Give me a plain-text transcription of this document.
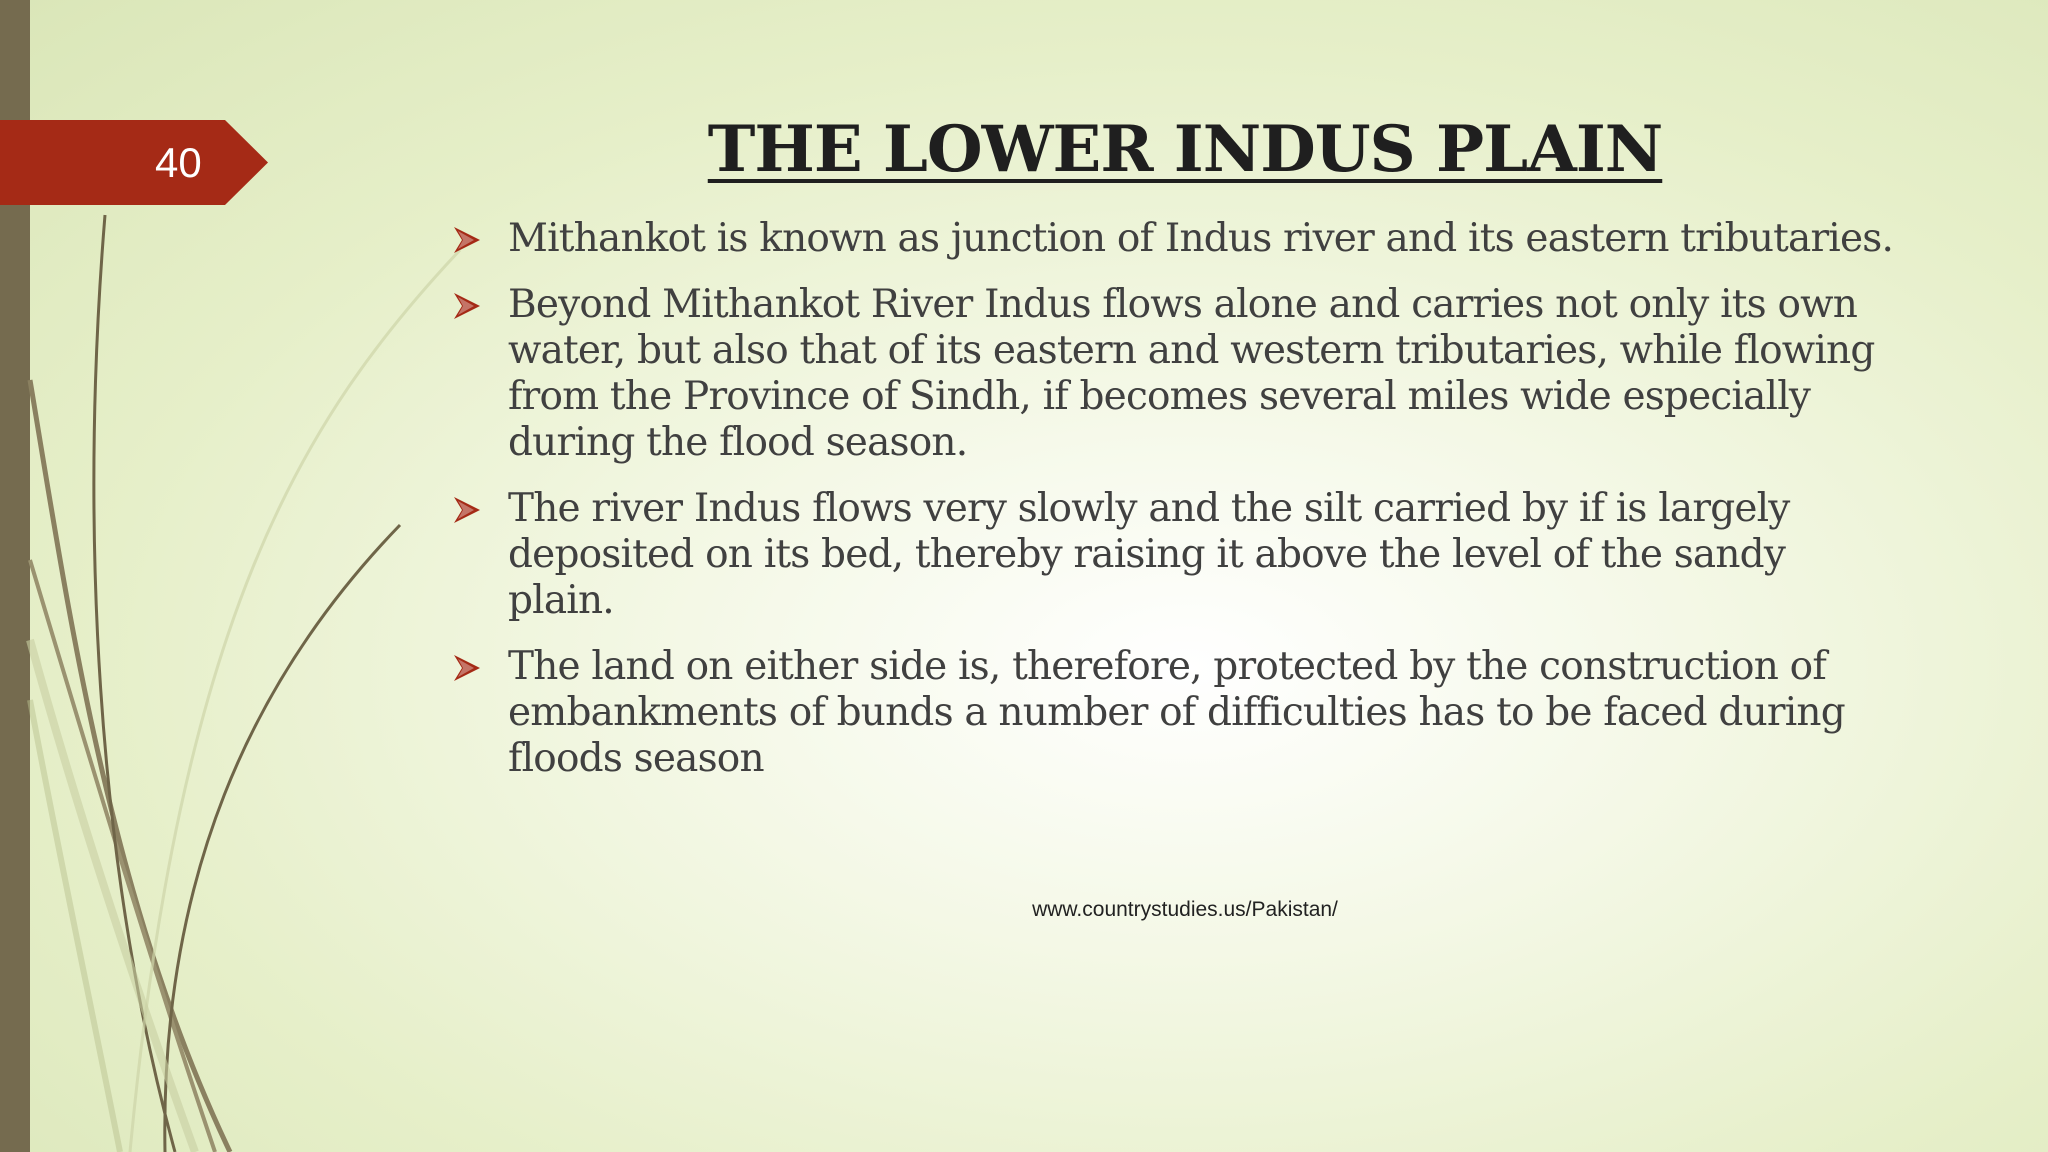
40	THE LOWER INDUS PLAIN
Mithankot is known as junction of Indus river and its eastern tributaries.
Beyond Mithankot River Indus flows alone and carries not only its own water, but also that of its eastern and western tributaries, while flowing from the Province of Sindh, if becomes several miles wide especially during the flood season.
The river Indus flows very slowly and the silt carried by if is largely deposited on its bed, thereby raising it above the level of the sandy plain.
The land on either side is, therefore, protected by the construction of embankments of bunds a number of difficulties has to be faced during floods season
www.countrystudies.us/Pakistan/
